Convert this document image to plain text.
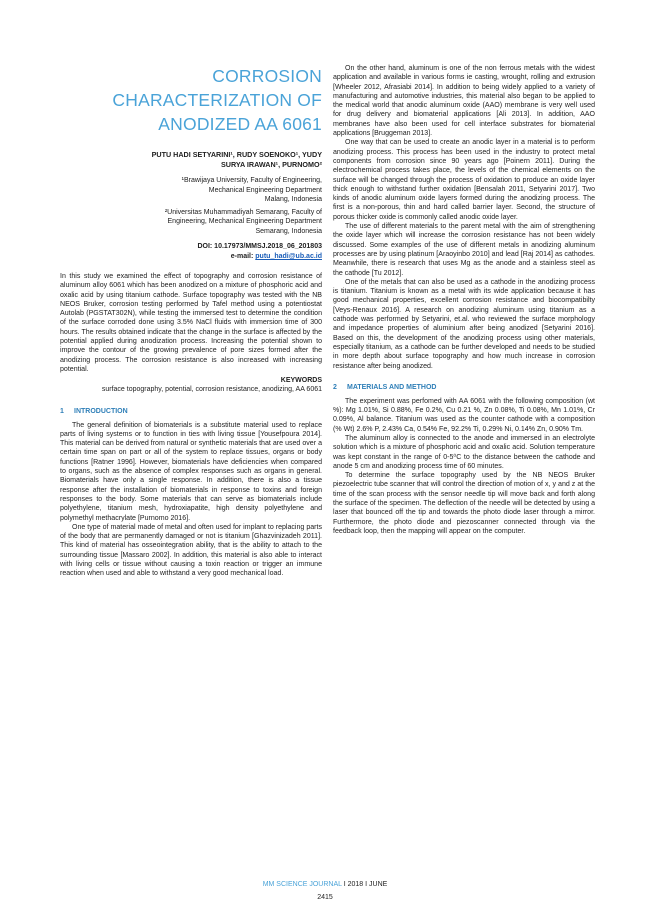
CORROSION
CHARACTERIZATION OF
ANODIZED AA 6061
PUTU HADI SETYARINI¹, RUDY SOENOKO¹, YUDY
SURYA IRAWAN¹, PURNOMO²
¹Brawijaya University, Faculty of Engineering,
Mechanical Engineering Department
Malang, Indonesia
²Universitas Muhammadiyah Semarang, Faculty of
Engineering, Mechanical Engineering Department
Semarang, Indonesia
DOI: 10.17973/MMSJ.2018_06_201803
e-mail: putu_hadi@ub.ac.id

In this study we examined the effect of topography and corrosion resistance of aluminum alloy 6061 which has been anodized on a mixture of phosphoric acid and oxalic acid by using titanium cathode. Surface topography was tested with the NB NEOS Bruker, corrosion testing performed by Tafel method using a potentiostat Autolab (PGSTAT302N), while testing the immersed test to determine the condition of the surface corroded done using 3.5% NaCl fluids with immersion time of 300 hours. The results obtained indicate that the change in the surface is affected by the potential applied during anodization process. Increasing the potential shown to improve the contour of the growing prevalence of pore sizes formed after the anodizing process. The corrosion resistance is also increased with increasing potential.

KEYWORDS
surface topography, potential, corrosion resistance, anodizing, AA 6061
1 INTRODUCTION

The general definition of biomaterials is a substitute material used to replace parts of living systems or to function in ties with living tissue [Yousefpoura 2014]. This material can be derived from natural or synthetic materials that are used over a certain time span on part or all of the system to replace tissues, organs or body functions [Ratner 1996]. However, biomaterials have deficiencies when compared to organs, such as the absence of complex responses such as organs in general. Biomaterials have only a single response. In addition, there is also a tissue response after the installation of biomaterials in response to toxins and foreign responses to the body. Some materials that can serve as biomaterials include polyethylene, titanium mesh, hydroxiapatite, high density polyethylene and polymethyl methacrylate [Purnomo 2016].

One type of material made of metal and often used for implant to replacing parts of the body that are permanently damaged or not is titanium [Ghazvinizadeh 2011]. This kind of material has osseointegration ability, that is the ability to attach to the surrounding tissue [Massaro 2002]. In addition, this material is also able to interact with living cells or tissue without causing a toxin reaction or trigger an immune reaction when used and able to withstand a very good mechanical load.

On the other hand, aluminum is one of the non ferrous metals with the widest application and available in various forms ie casting, wrought, rolling and extrusion [Wheeler 2012, Afrasiabi 2014]. In addition to being widely applied to a variety of manufacturing and automotive industries, this material also began to be applied to the medical world that anodic aluminum oxide (AAO) membrane is very well used for drug delivery and biomaterial applications [Ali 2013]. In addition, AAO membranes have also been used for cell interface substrates for biomaterial applications [Bruggeman 2013].

One way that can be used to create an anodic layer in a material is to perform anodizing process. This process has been used in the industry to protect metal components from corrosion since 90 years ago [Poinern 2011]. During the electrochemical process takes place, the levels of the chemical elements on the surface will be changed through the process of oxidation to produce an oxide layer thick enough to withstand further oxidation [Bensalah 2011, Setyarini 2017]. Two kinds of anodic aluminum oxide layers formed during the anodizing process. The first is a non-porous, thin and hard called barrier layer. Second, the structure of porous thicker oxide is commonly called anodic oxide layer.

The use of different materials to the parent metal with the aim of strengthening the oxide layer which will increase the corrosion resistance has not been widely discussed. Some examples of the use of different metals in anodizing aluminum processes are by using platinum [Araoyinbo 2010] and lead [Raj 2014] as cathodes. Meanwhile, there is research that uses Mg as the anode and a stainless steel as the cathode [Tu 2012].

One of the metals that can also be used as a cathode in the anodizing process is titanium. Titanium is known as a metal with its wide application because it has good mechanical properties, excellent corrosion resistance and biocompatibilty [Veys-Renaux 2016]. A research on anodizing aluminum using titanium as a cathode was performed by Setyarini, et.al. who reviewed the surface morphology and impedance properties of aluminium after being anodized [Setyarini 2016]. Based on this, the development of the anodizing process using other materials, especially titanium, as a cathode can be further developed and needs to be studied in more depth about surface topography and how much increase in corrosion resistance after being anodized.

2 MATERIALS AND METHOD

The experiment was perfomed with AA 6061 with the following composition (wt %): Mg 1.01%, Si 0.88%, Fe 0.2%, Cu 0.21 %, Zn 0.08%, Ti 0.08%, Mn 1.01%, Cr 0.09%, Al balance. Titanium was used as the counter cathode with a composition (% Wt) 2.6% P, 2.43% Ca, 0.54% Fe, 92.2% Ti, 0.29% Ni, 0.14% Zn, 0.90% Tm.

The aluminum alloy is connected to the anode and immersed in an electrolyte solution which is a mixture of phosphoric acid and oxalic acid. Solution temperature was kept constant in the range of 0-5⁰C to the distance between the cathode and anode 5 cm and anodizing process time of 60 minutes.

To determine the surface topography used by the NB NEOS Bruker piezoelectric tube scanner that will control the direction of motion of x, y and z at the time of the scan process with the sensor needle tip will move back and forth along the surface of the specimen. The deflection of the needle will be detected by using a laser that bounced off the tip and towards the photo diode laser through a mirror. Furthermore, the photo diode and piezoscanner connected through via the feedback loop, then the mapping will appear on the computer.

MM SCIENCE JOURNAL I 2018 I JUNE
2415
